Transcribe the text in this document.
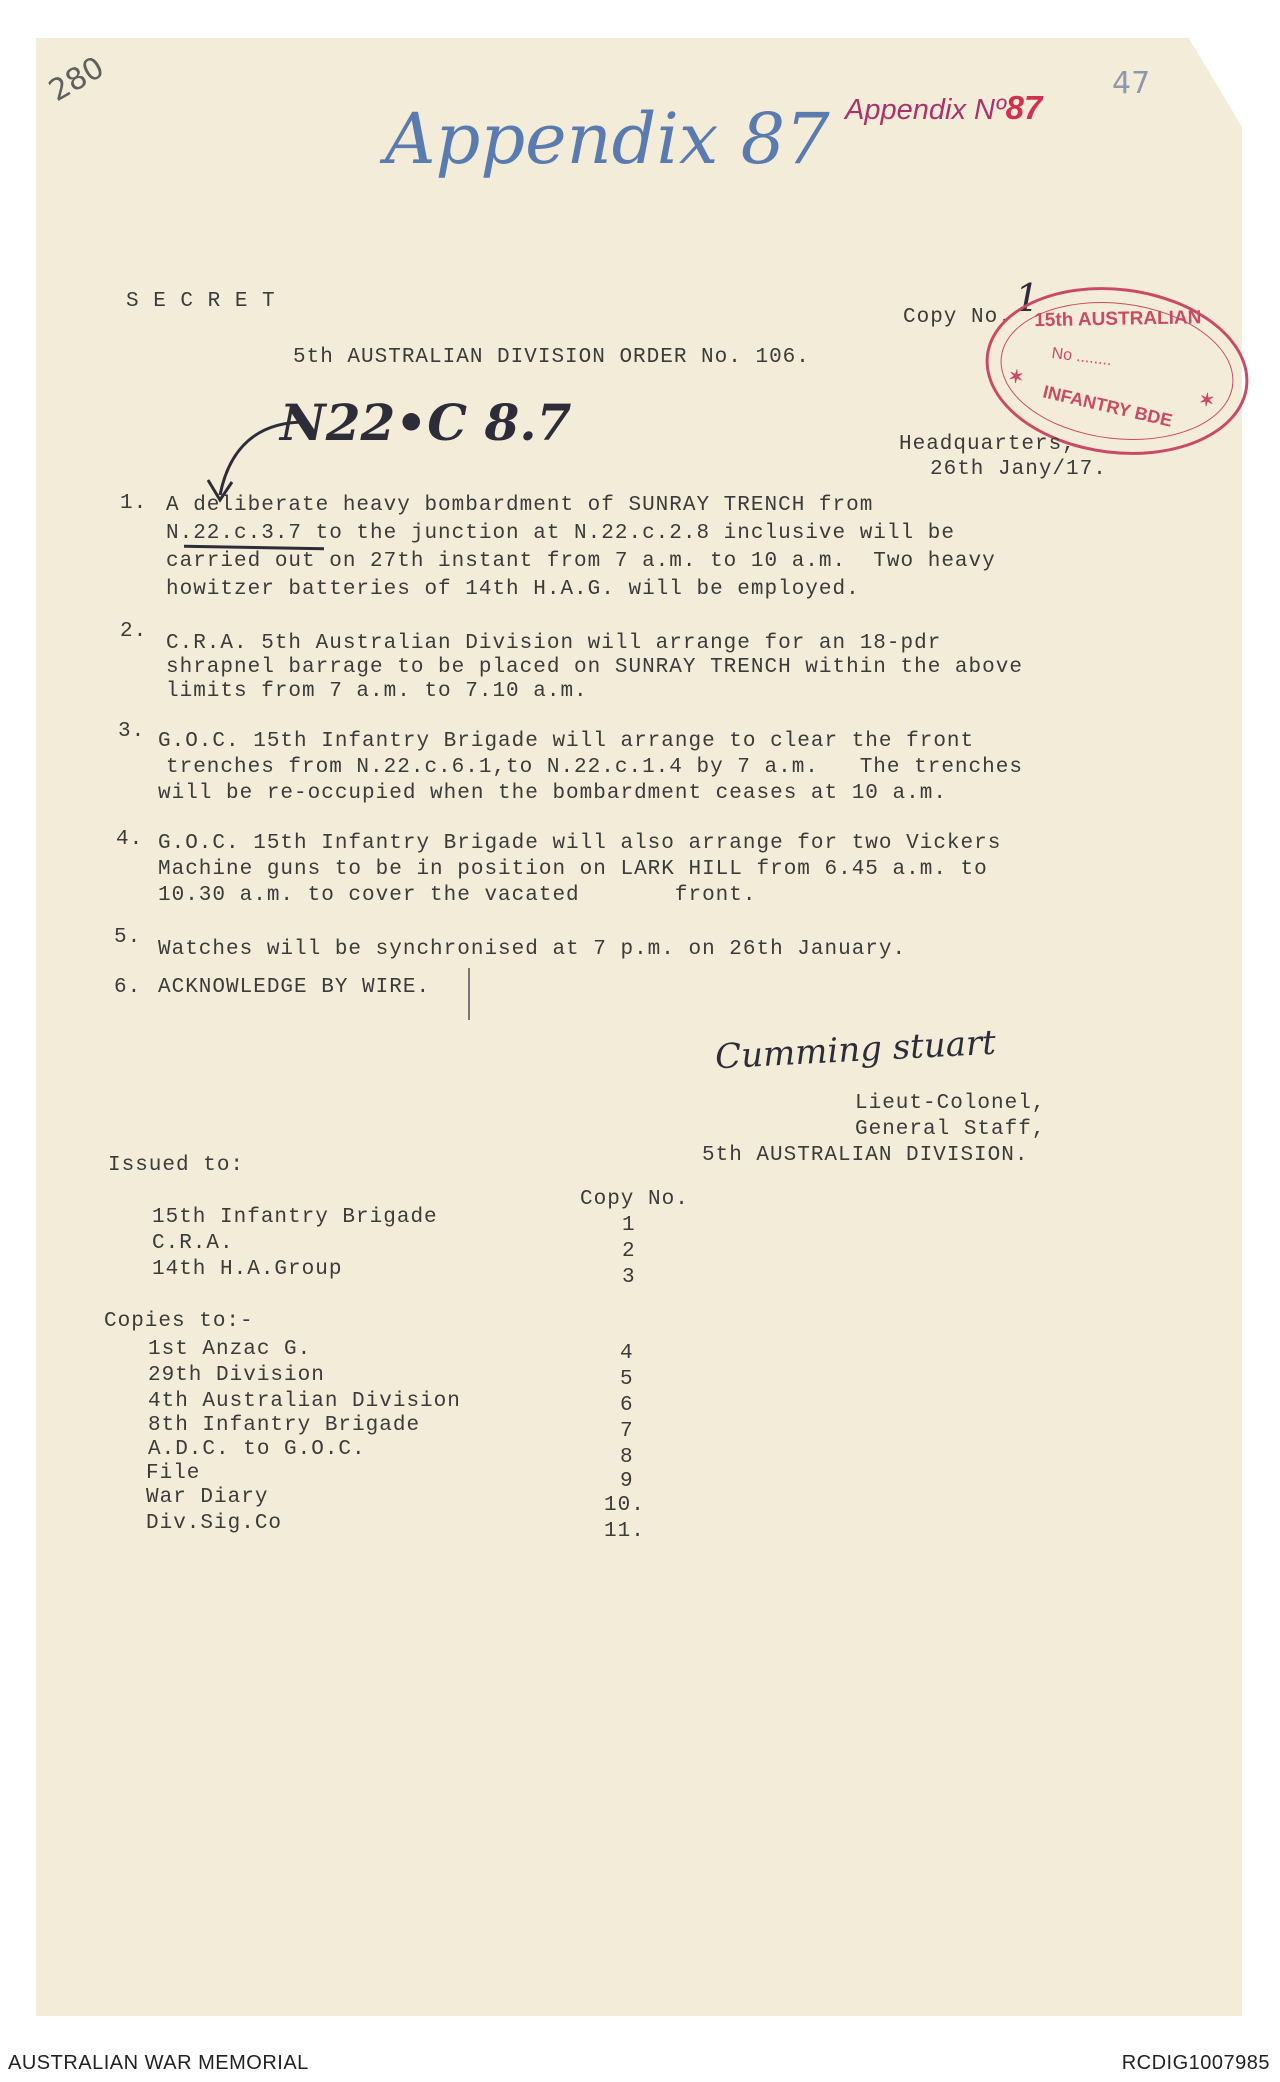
280
Appendix 87 Appendix Nº87

47
S E C R E T
Copy No. 1
5th AUSTRALIAN DIVISION ORDER No. 106.
15th AUSTRALIAN
No ........
INFANTRY BDE
✶
✶
N22•C 8.7	Headquarters,
26th Jany/17.
1. A deliberate heavy bombardment of SUNRAY TRENCH from
N.22.c.3.7 to the junction at N.22.c.2.8 inclusive will be
carried out on 27th instant from 7 a.m. to 10 a.m.  Two heavy
howitzer batteries of 14th H.A.G. will be employed.
2.
C.R.A. 5th Australian Division will arrange for an 18-pdr
shrapnel barrage to be placed on SUNRAY TRENCH within the above
limits from 7 a.m. to 7.10 a.m.
3. G.O.C. 15th Infantry Brigade will arrange to clear the front
trenches from N.22.c.6.1,to N.22.c.1.4 by 7 a.m.   The trenches
will be re-occupied when the bombardment ceases at 10 a.m.
4. G.O.C. 15th Infantry Brigade will also arrange for two Vickers
Machine guns to be in position on LARK HILL from 6.45 a.m. to
10.30 a.m. to cover the vacated       front.
5.
Watches will be synchronised at 7 p.m. on 26th January.
6. ACKNOWLEDGE BY WIRE.
Cumming stuart
Lieut-Colonel,
General Staff,
5th AUSTRALIAN DIVISION.
Issued to:
Copy No.
15th Infantry Brigade	1
C.R.A.	2
14th H.A.Group	3
Copies to:-
1st Anzac G.	4
29th Division	5
4th Australian Division	6
8th Infantry Brigade	7
A.D.C. to G.O.C.	8
File	9
War Diary	10.
Div.Sig.Co	11.
AUSTRALIAN WAR MEMORIAL	RCDIG1007985
